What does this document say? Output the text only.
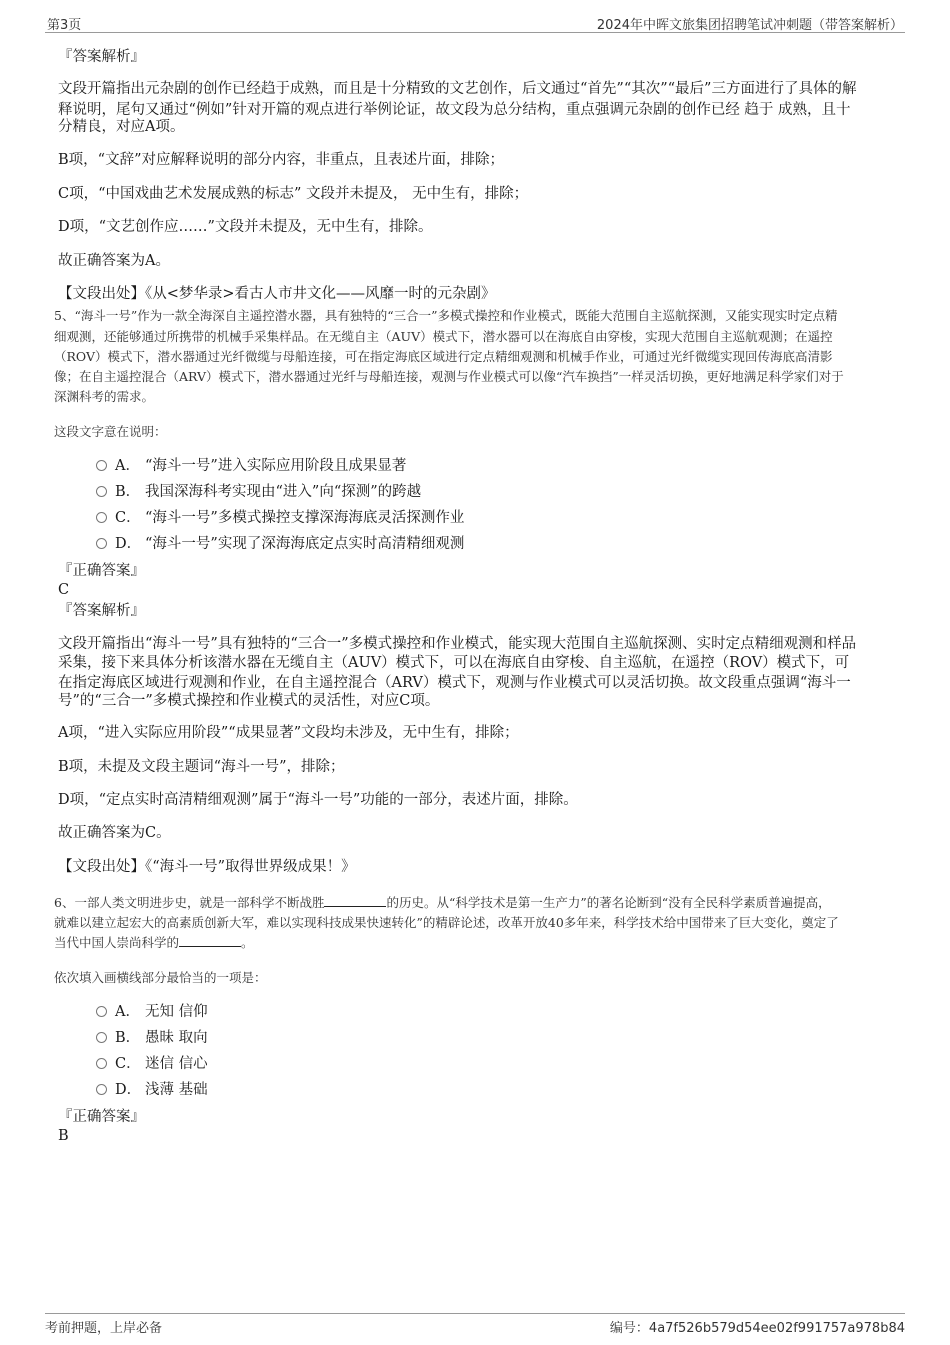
第3页	2024年中晖文旅集团招聘笔试冲刺题（带答案解析）
『答案解析』
文段开篇指出元杂剧的创作已经趋于成熟，而且是十分精致的文艺创作，后文通过“首先”“其次”“最后”三方面进行了具体的解
释说明，尾句又通过“例如”针对开篇的观点进行举例论证，故文段为总分结构，重点强调元杂剧的创作已经 趋于 成熟，且十
分精良，对应A项。
B项，“文辞”对应解释说明的部分内容，非重点，且表述片面，排除；
C项，“中国戏曲艺术发展成熟的标志” 文段并未提及， 无中生有，排除；
D项，“文艺创作应……”文段并未提及，无中生有，排除。
故正确答案为A。
【文段出处】《从<梦华录>看古人市井文化——风靡一时的元杂剧》
5、“海斗一号”作为一款全海深自主遥控潜水器，具有独特的“三合一”多模式操控和作业模式，既能大范围自主巡航探测，又能实现实时定点精
细观测，还能够通过所携带的机械手采集样品。在无缆自主（AUV）模式下，潜水器可以在海底自由穿梭，实现大范围自主巡航观测；在遥控
（ROV）模式下，潜水器通过光纤微缆与母船连接，可在指定海底区域进行定点精细观测和机械手作业，可通过光纤微缆实现回传海底高清影
像；在自主遥控混合（ARV）模式下，潜水器通过光纤与母船连接，观测与作业模式可以像“汽车换挡”一样灵活切换，更好地满足科学家们对于
深渊科考的需求。
这段文字意在说明：
A． “海斗一号”进入实际应用阶段且成果显著
B． 我国深海科考实现由“进入”向“探测”的跨越
C． “海斗一号”多模式操控支撑深海海底灵活探测作业
D． “海斗一号”实现了深海海底定点实时高清精细观测
『正确答案』
C
『答案解析』
文段开篇指出“海斗一号”具有独特的“三合一”多模式操控和作业模式，能实现大范围自主巡航探测、实时定点精细观测和样品
采集，接下来具体分析该潜水器在无缆自主（AUV）模式下，可以在海底自由穿梭、自主巡航，在遥控（ROV）模式下，可
在指定海底区域进行观测和作业，在自主遥控混合（ARV）模式下，观测与作业模式可以灵活切换。故文段重点强调“海斗一
号”的“三合一”多模式操控和作业模式的灵活性，对应C项。
A项，“进入实际应用阶段”“成果显著”文段均未涉及，无中生有，排除；
B项，未提及文段主题词“海斗一号”，排除；
D项，“定点实时高清精细观测”属于“海斗一号”功能的一部分，表述片面，排除。
故正确答案为C。
【文段出处】《“海斗一号”取得世界级成果！》
6、一部人类文明进步史，就是一部科学不断战胜	的历史。从“科学技术是第一生产力”的著名论断到“没有全民科学素质普遍提高，
就难以建立起宏大的高素质创新大军，难以实现科技成果快速转化”的精辟论述，改革开放40多年来，科学技术给中国带来了巨大变化，奠定了
当代中国人崇尚科学的	。
依次填入画横线部分最恰当的一项是：
A． 无知 信仰
B． 愚昧 取向
C． 迷信 信心
D． 浅薄 基础
『正确答案』
B
考前押题，上岸必备	编号：4a7f526b579d54ee02f991757a978b84
